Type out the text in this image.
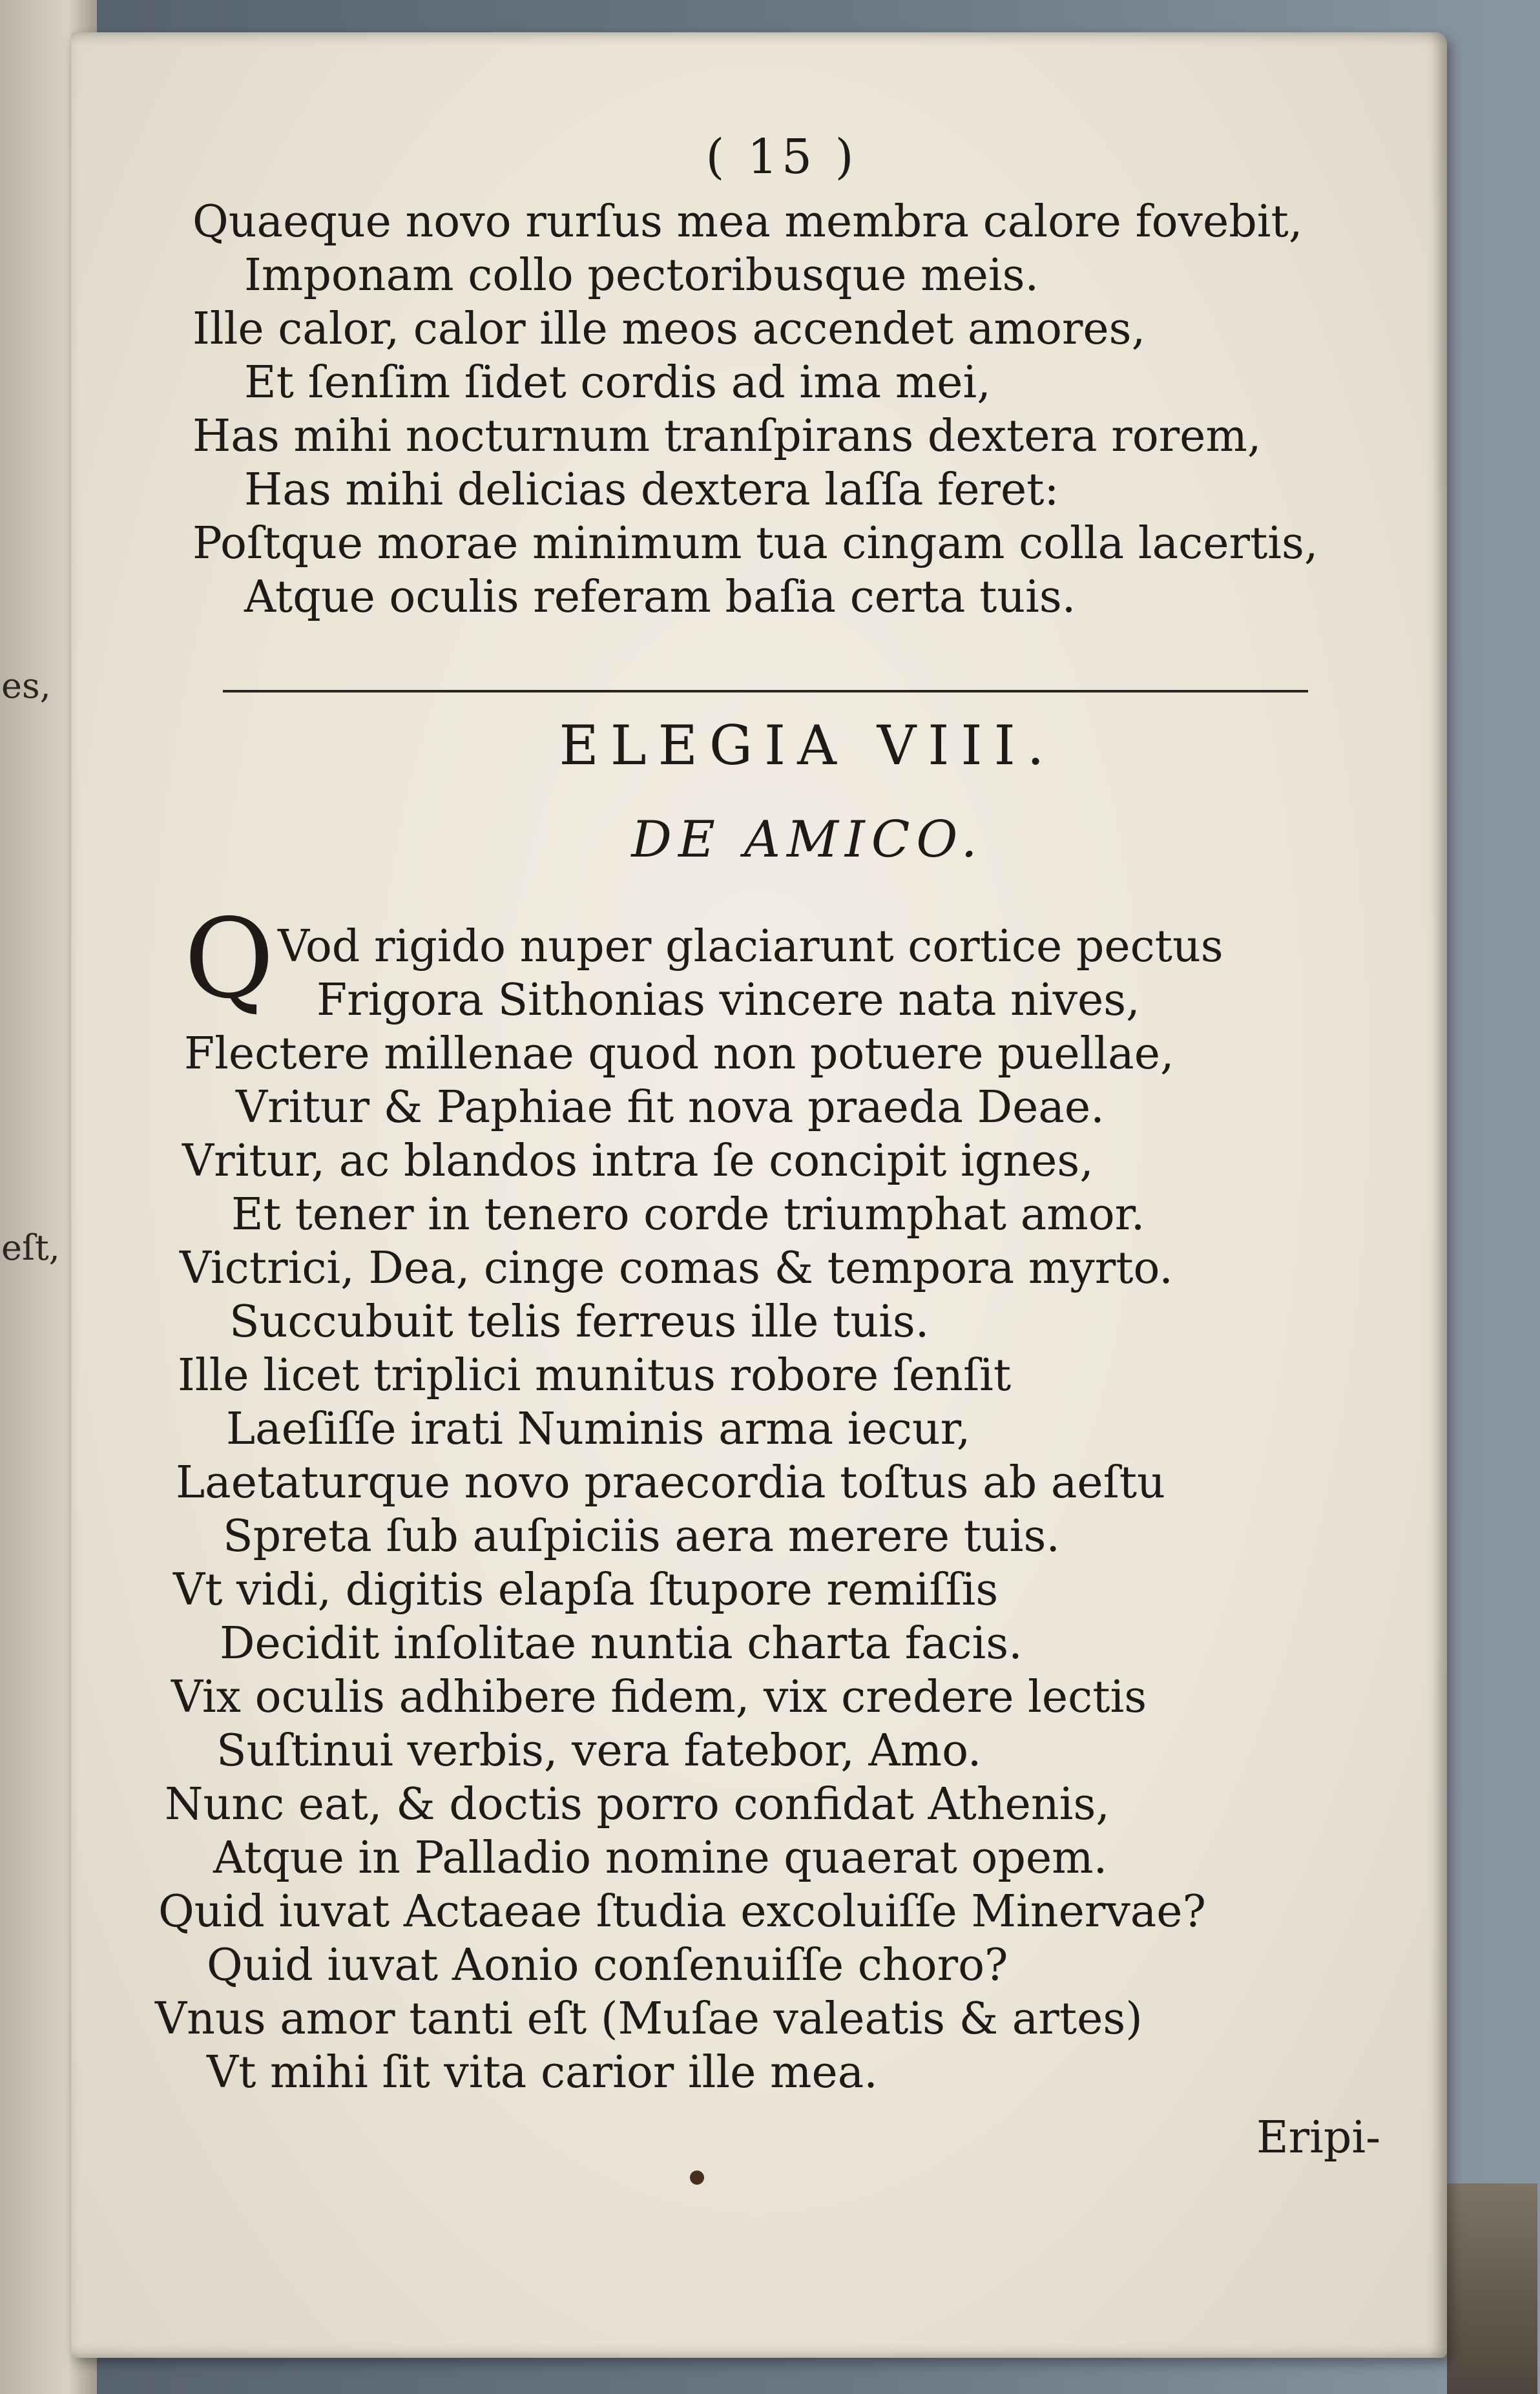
es,
eſt,
( 15 )
Quaeque novo rurſus mea membra calore fovebit,
Imponam collo pectoribusque meis.
Ille calor, calor ille meos accendet amores,
Et ſenſim ſidet cordis ad ima mei,
Has mihi nocturnum tranſpirans dextera rorem,
Has mihi delicias dextera laſſa feret:
Poſtque morae minimum tua cingam colla lacertis,
Atque oculis referam baſia certa tuis.
ELEGIA VIII.
DE AMICO.
Q Vod rigido nuper glaciarunt cortice pectus
Frigora Sithonias vincere nata nives,
Flectere millenae quod non potuere puellae,
Vritur & Paphiae fit nova praeda Deae.
Vritur, ac blandos intra ſe concipit ignes,
Et tener in tenero corde triumphat amor.
Victrici, Dea, cinge comas & tempora myrto.
Succubuit telis ferreus ille tuis.
Ille licet triplici munitus robore ſenſit
Laeſiſſe irati Numinis arma iecur,
Laetaturque novo praecordia toſtus ab aeſtu
Spreta ſub auſpiciis aera merere tuis.
Vt vidi, digitis elapſa ſtupore remiſſis
Decidit inſolitae nuntia charta facis.
Vix oculis adhibere fidem, vix credere lectis
Suſtinui verbis, vera fatebor, Amo.
Nunc eat, & doctis porro confidat Athenis,
Atque in Palladio nomine quaerat opem.
Quid iuvat Actaeae ſtudia excoluiſſe Minervae?
Quid iuvat Aonio conſenuiſſe choro?
Vnus amor tanti eſt (Muſae valeatis & artes)
Vt mihi ſit vita carior ille mea.
Eripi-
